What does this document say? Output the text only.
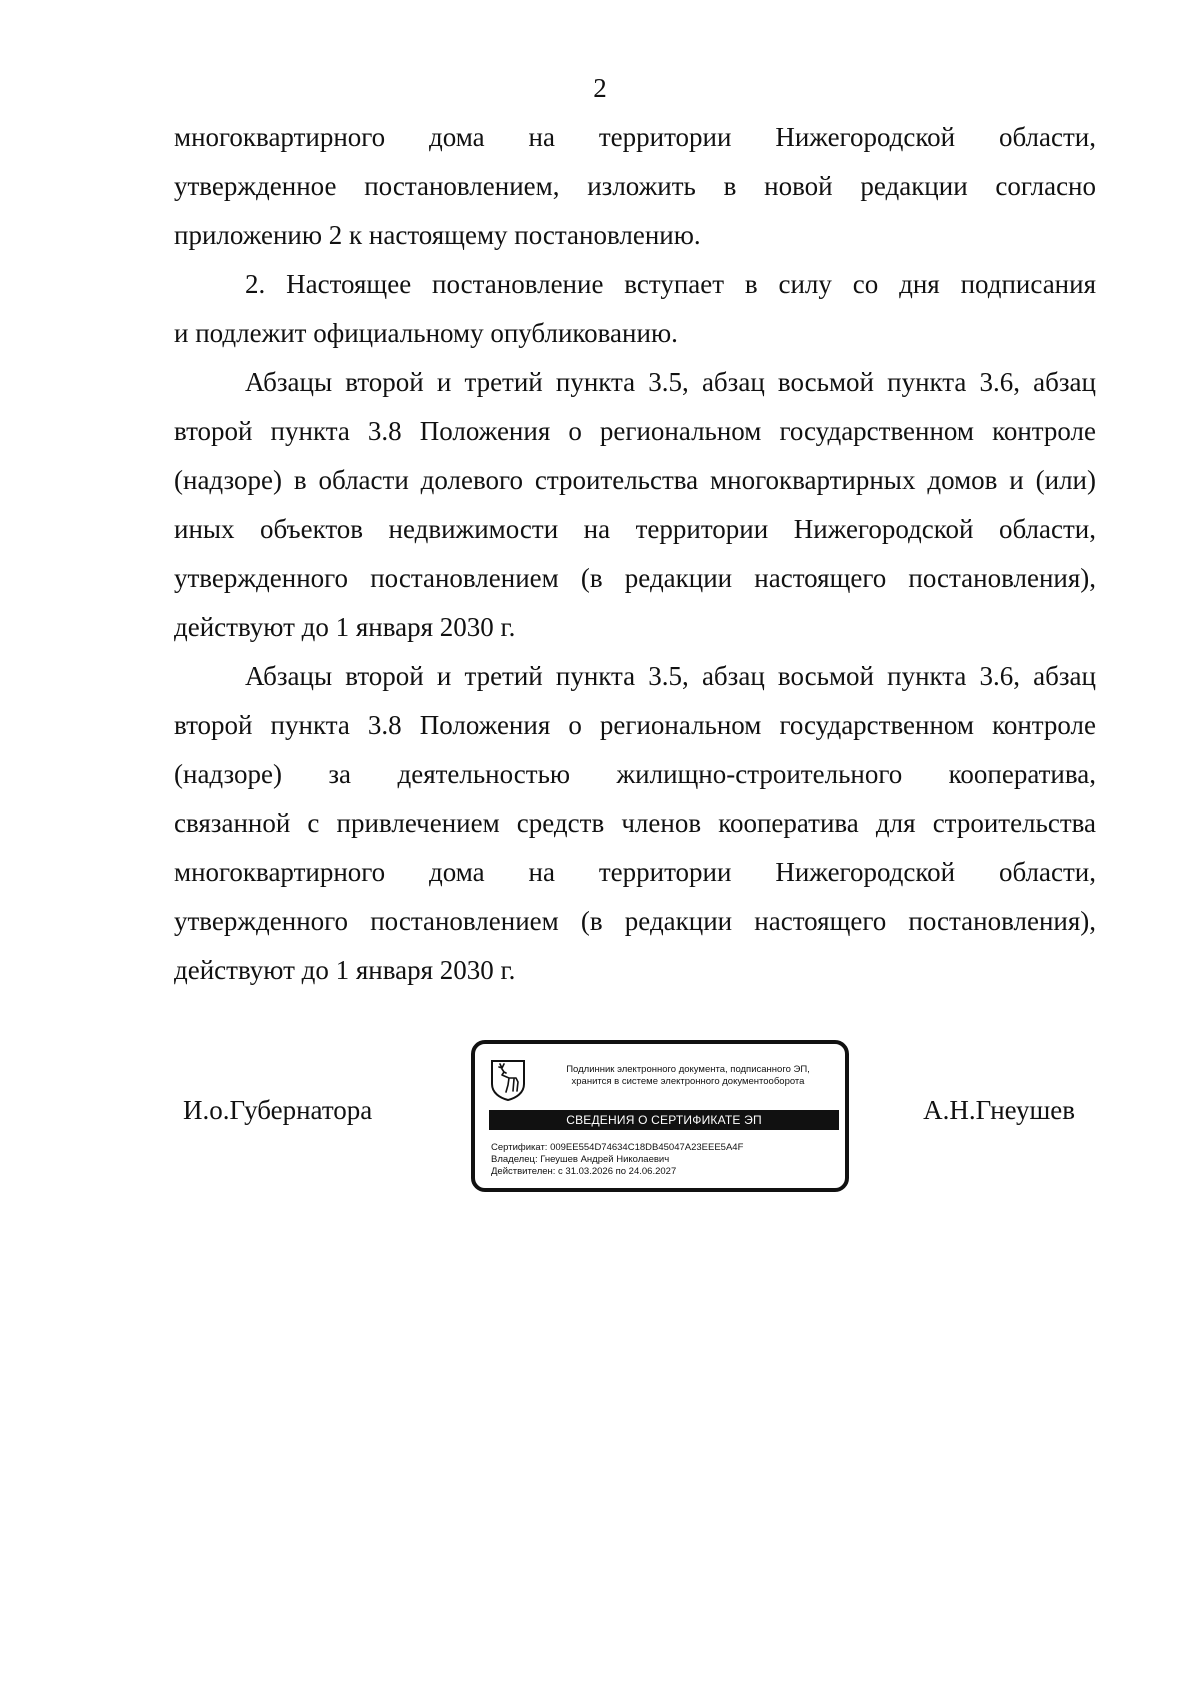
2

многоквартирного дома на территории Нижегородской области,
утвержденное постановлением, изложить в новой редакции согласно
приложению 2 к настоящему постановлению.

2. Настоящее постановление вступает в силу со дня подписания
и подлежит официальному опубликованию.

Абзацы второй и третий пункта 3.5, абзац восьмой пункта 3.6, абзац
второй пункта 3.8 Положения о региональном государственном контроле
(надзоре) в области долевого строительства многоквартирных домов и (или)
иных объектов недвижимости на территории Нижегородской области,
утвержденного постановлением (в редакции настоящего постановления),
действуют до 1 января 2030 г.

Абзацы второй и третий пункта 3.5, абзац восьмой пункта 3.6, абзац
второй пункта 3.8 Положения о региональном государственном контроле
(надзоре) за деятельностью жилищно-строительного кооператива,
связанной с привлечением средств членов кооператива для строительства
многоквартирного дома на территории Нижегородской области,
утвержденного постановлением (в редакции настоящего постановления),
действуют до 1 января 2030 г.

И.о.Губернатора
Подлинник электронного документа, подписанного ЭП,
хранится в системе электронного документооборота
СВЕДЕНИЯ О СЕРТИФИКАТЕ ЭП
Сертификат: 009EE554D74634C18DB45047A23EEE5A4F
Владелец: Гнеушев Андрей Николаевич
Действителен: с 31.03.2026 по 24.06.2027
А.Н.Гнеушев
